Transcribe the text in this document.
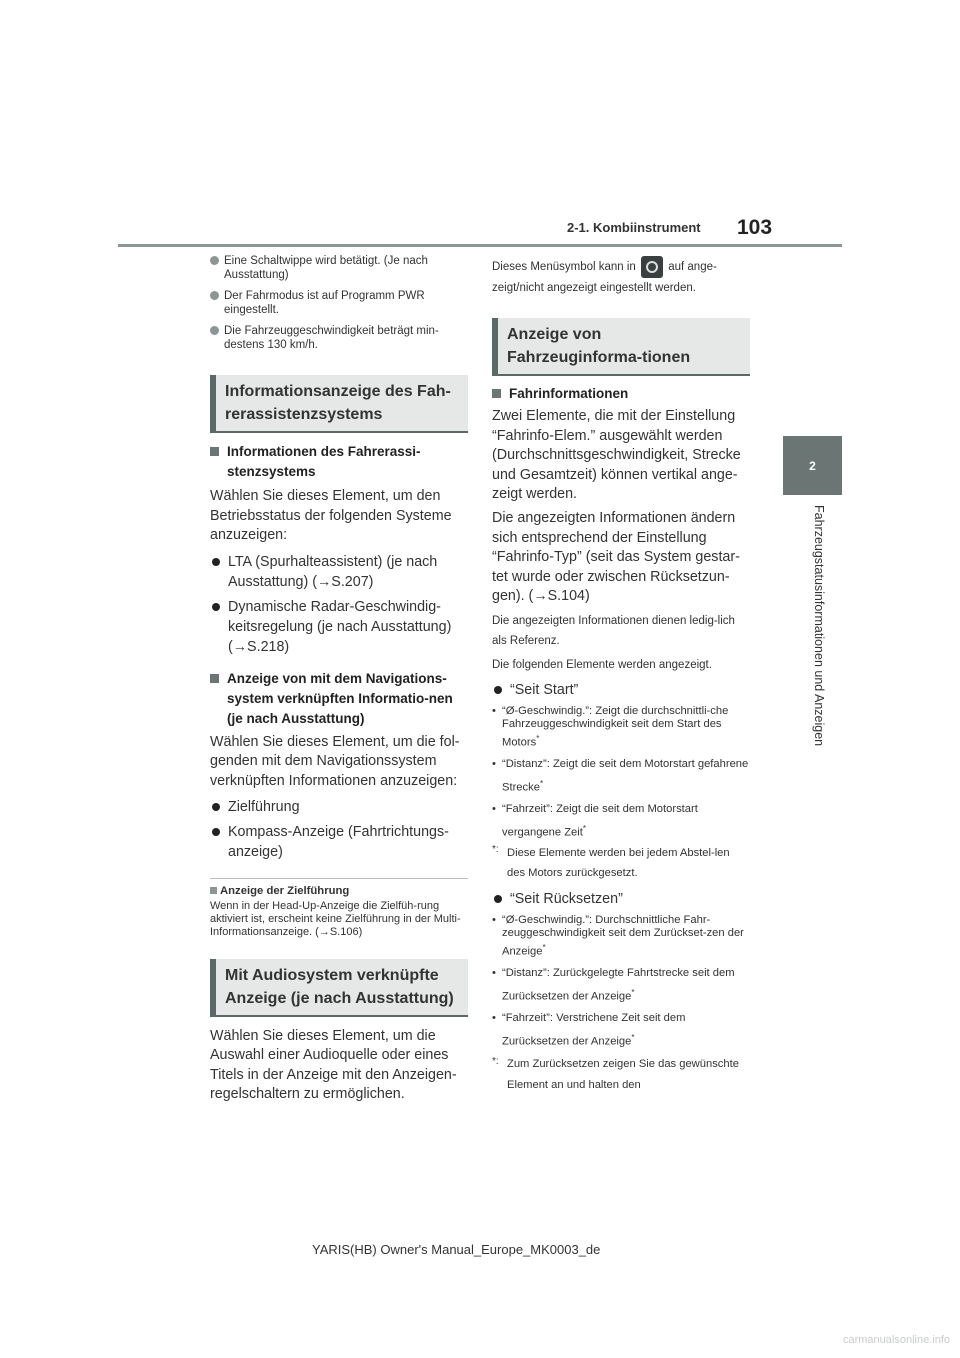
2-1. Kombiinstrument 103
2
Fahrzeugstatusinformationen und Anzeigen
Eine Schaltwippe wird betätigt. (Je nach Ausstattung)
Der Fahrmodus ist auf Programm PWR eingestellt.
Die Fahrzeuggeschwindigkeit beträgt min-destens 130 km/h.
Informationsanzeige des Fah-rerassistenzsystems
Informationen des Fahrerassi-stenzsystems
Wählen Sie dieses Element, um den Betriebsstatus der folgenden Systeme anzuzeigen:
LTA (Spurhalteassistent) (je nach Ausstattung) (→S.207)
Dynamische Radar-Geschwindig-keitsregelung (je nach Ausstattung) (→S.218)
Anzeige von mit dem Navigations-system verknüpften Informatio-nen (je nach Ausstattung)
Wählen Sie dieses Element, um die fol-genden mit dem Navigationssystem verknüpften Informationen anzuzeigen:
Zielführung
Kompass-Anzeige (Fahrtrichtungs-anzeige)
Anzeige der Zielführung
Wenn in der Head-Up-Anzeige die Zielfüh-rung aktiviert ist, erscheint keine Zielführung in der Multi-Informationsanzeige. (→S.106)
Mit Audiosystem verknüpfte Anzeige (je nach Ausstattung)
Wählen Sie dieses Element, um die Auswahl einer Audioquelle oder eines Titels in der Anzeige mit den Anzeigen-regelschaltern zu ermöglichen.
Dieses Menüsymbol kann in	auf ange-zeigt/nicht angezeigt eingestellt werden.
Anzeige von Fahrzeuginforma-tionen
Fahrinformationen
Zwei Elemente, die mit der Einstellung “Fahrinfo-Elem.” ausgewählt werden (Durchschnittsgeschwindigkeit, Strecke und Gesamtzeit) können vertikal ange-zeigt werden.
Die angezeigten Informationen ändern sich entsprechend der Einstellung “Fahrinfo-Typ” (seit das System gestar-tet wurde oder zwischen Rücksetzun-gen). (→S.104)
Die angezeigten Informationen dienen ledig-lich als Referenz.
Die folgenden Elemente werden angezeigt.
“Seit Start”
• “Ø-Geschwindig.”: Zeigt die durchschnittli-che Fahrzeuggeschwindigkeit seit dem Start des Motors*
• “Distanz”: Zeigt die seit dem Motorstart gefahrene Strecke*
• “Fahrzeit”: Zeigt die seit dem Motorstart vergangene Zeit*
*: Diese Elemente werden bei jedem Abstel-len des Motors zurückgesetzt.
“Seit Rücksetzen”
• “Ø-Geschwindig.”: Durchschnittliche Fahr-zeuggeschwindigkeit seit dem Zurückset-zen der Anzeige*
• “Distanz”: Zurückgelegte Fahrtstrecke seit dem Zurücksetzen der Anzeige*
• “Fahrzeit”: Verstrichene Zeit seit dem Zurücksetzen der Anzeige*
*: Zum Zurücksetzen zeigen Sie das gewünschte Element an und halten den
YARIS(HB) Owner's Manual_Europe_MK0003_de
carmanualsonline.info
